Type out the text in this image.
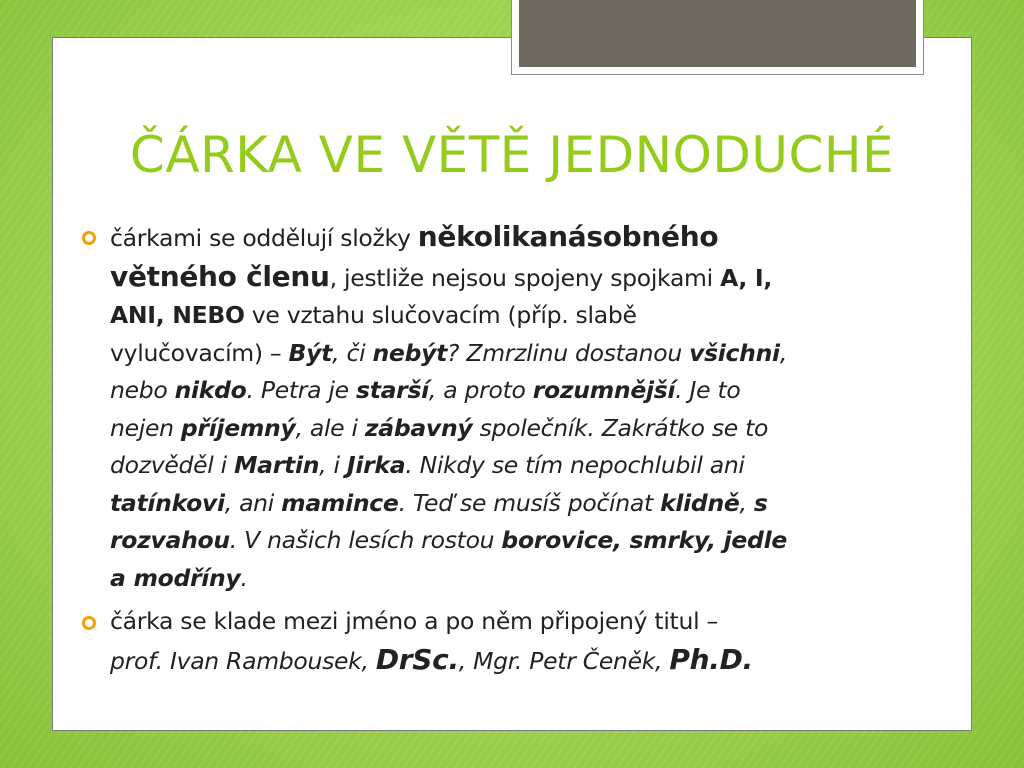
ČÁRKA VE VĚTĚ JEDNODUCHÉ
čárkami se oddělují složky několikanásobného
větného členu, jestliže nejsou spojeny spojkami A, I,
ANI, NEBO ve vztahu slučovacím (příp. slabě
vylučovacím) – Být, či nebýt? Zmrzlinu dostanou všichni,
nebo nikdo. Petra je starší, a proto rozumnější. Je to
nejen příjemný, ale i zábavný společník. Zakrátko se to
dozvěděl i Martin, i Jirka. Nikdy se tím nepochlubil ani
tatínkovi, ani mamince. Teď se musíš počínat klidně, s
rozvahou. V našich lesích rostou borovice, smrky, jedle
a modříny.
čárka se klade mezi jméno a po něm připojený titul –
prof. Ivan Rambousek, DrSc., Mgr. Petr Čeněk, Ph.D.
